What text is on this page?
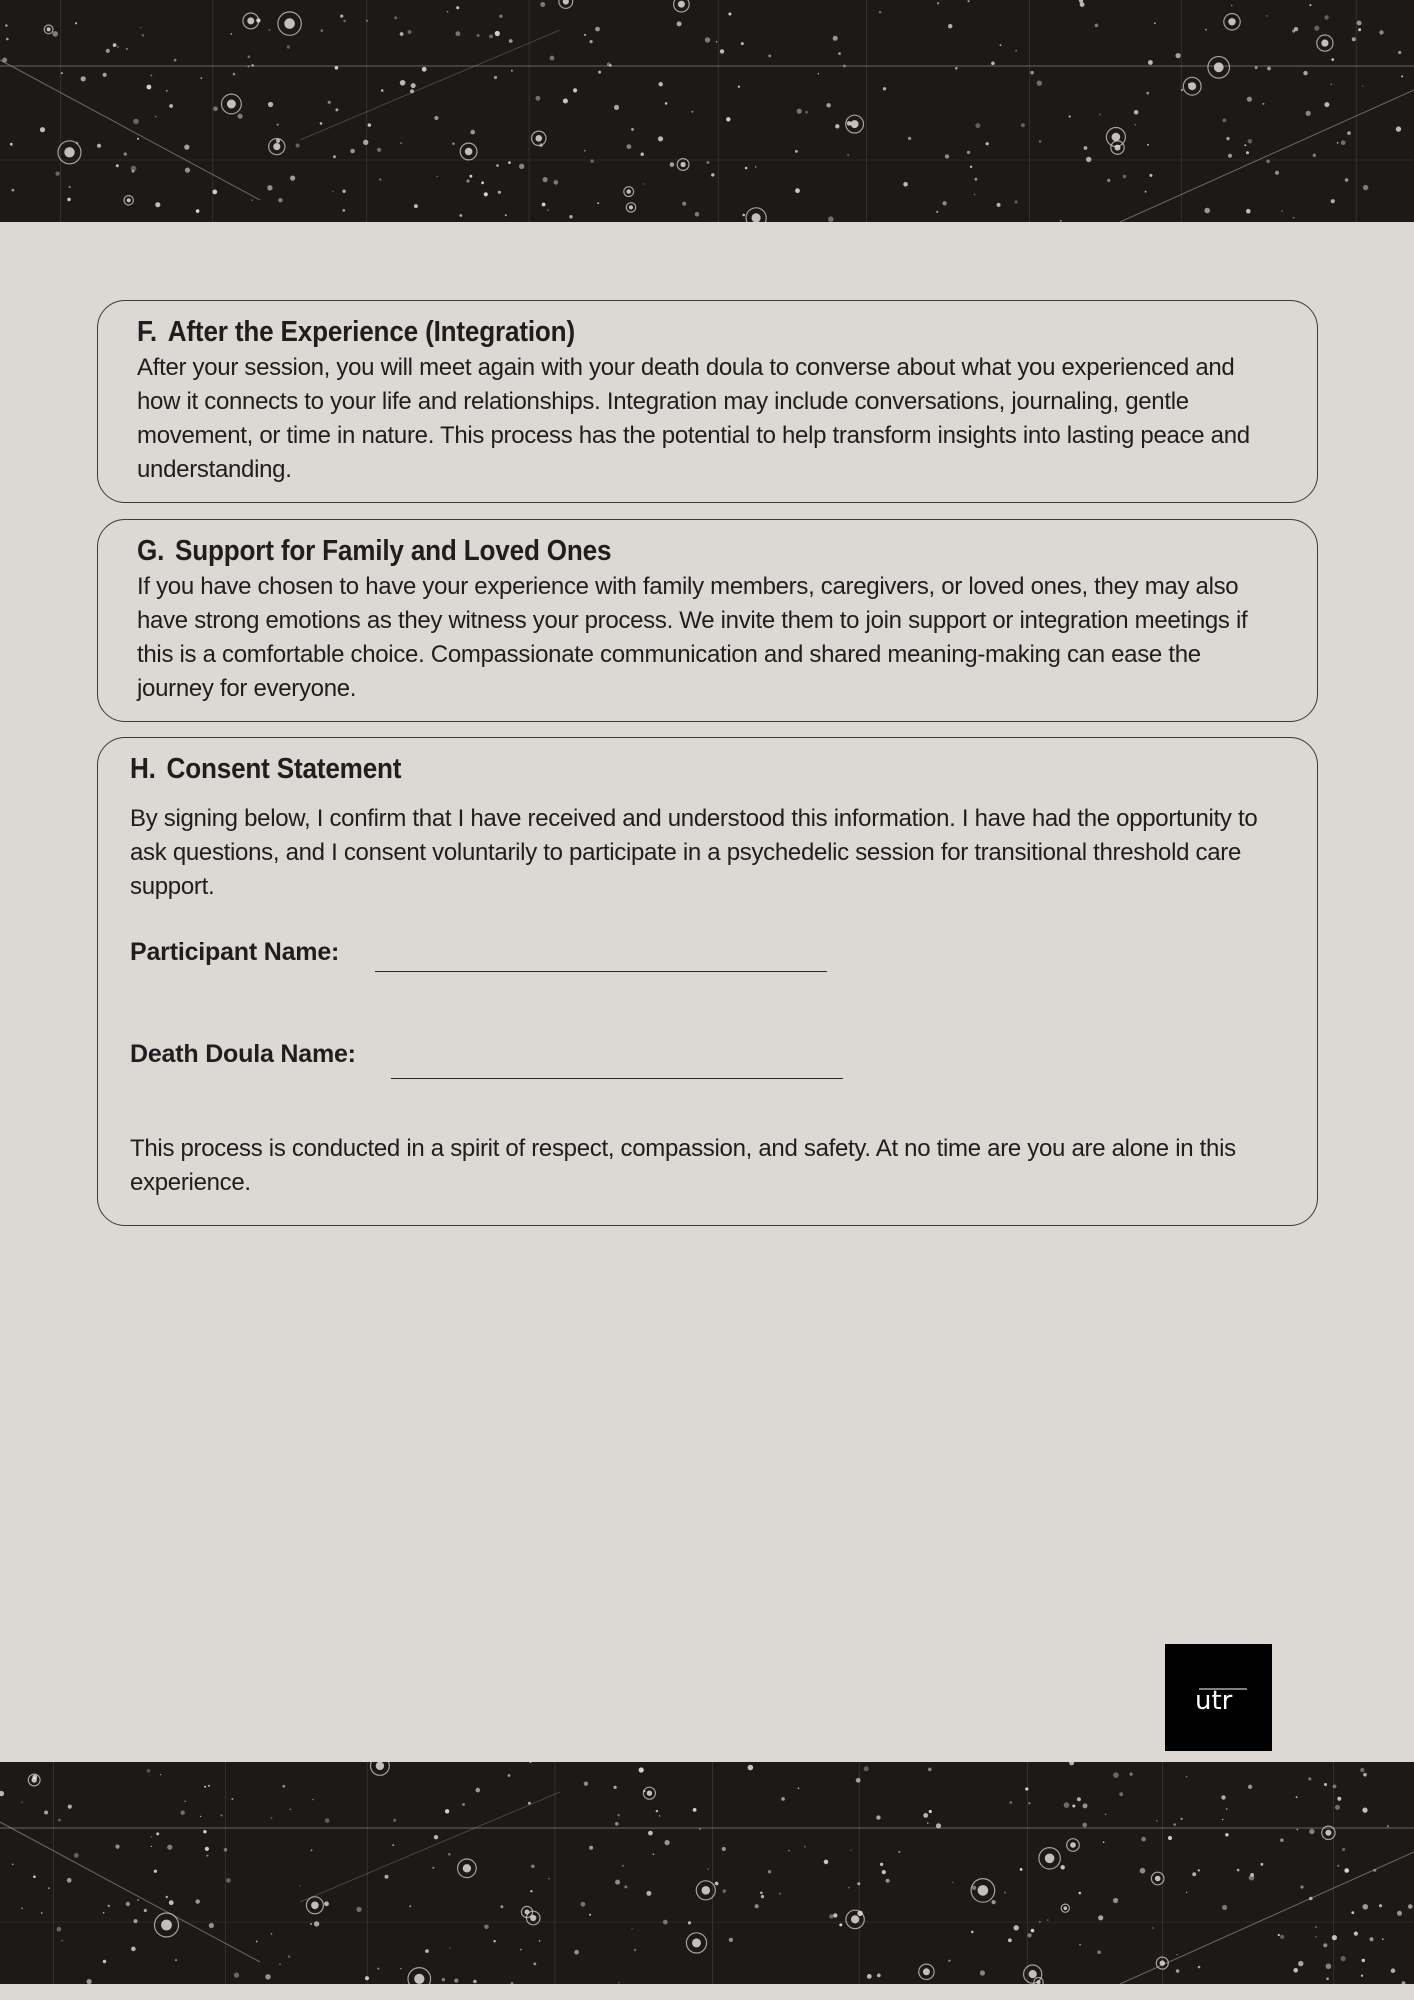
F. After the Experience (Integration)

After your session, you will meet again with your death doula to converse about what you experienced and how it connects to your life and relationships. Integration may include conversations, journaling, gentle movement, or time in nature. This process has the potential to help transform insights into lasting peace and understanding.

G. Support for Family and Loved Ones

If you have chosen to have your experience with family members, caregivers, or loved ones, they may also have strong emotions as they witness your process. We invite them to join support or integration meetings if this is a comfortable choice. Compassionate communication and shared meaning-making can ease the journey for everyone.

H. Consent Statement

By signing below, I confirm that I have received and understood this information. I have had the opportunity to ask questions, and I consent voluntarily to participate in a psychedelic session for transitional threshold care support.

Participant Name:
Death Doula Name:

This process is conducted in a spirit of respect, compassion, and safety. At no time are you are alone in this experience.

utr
